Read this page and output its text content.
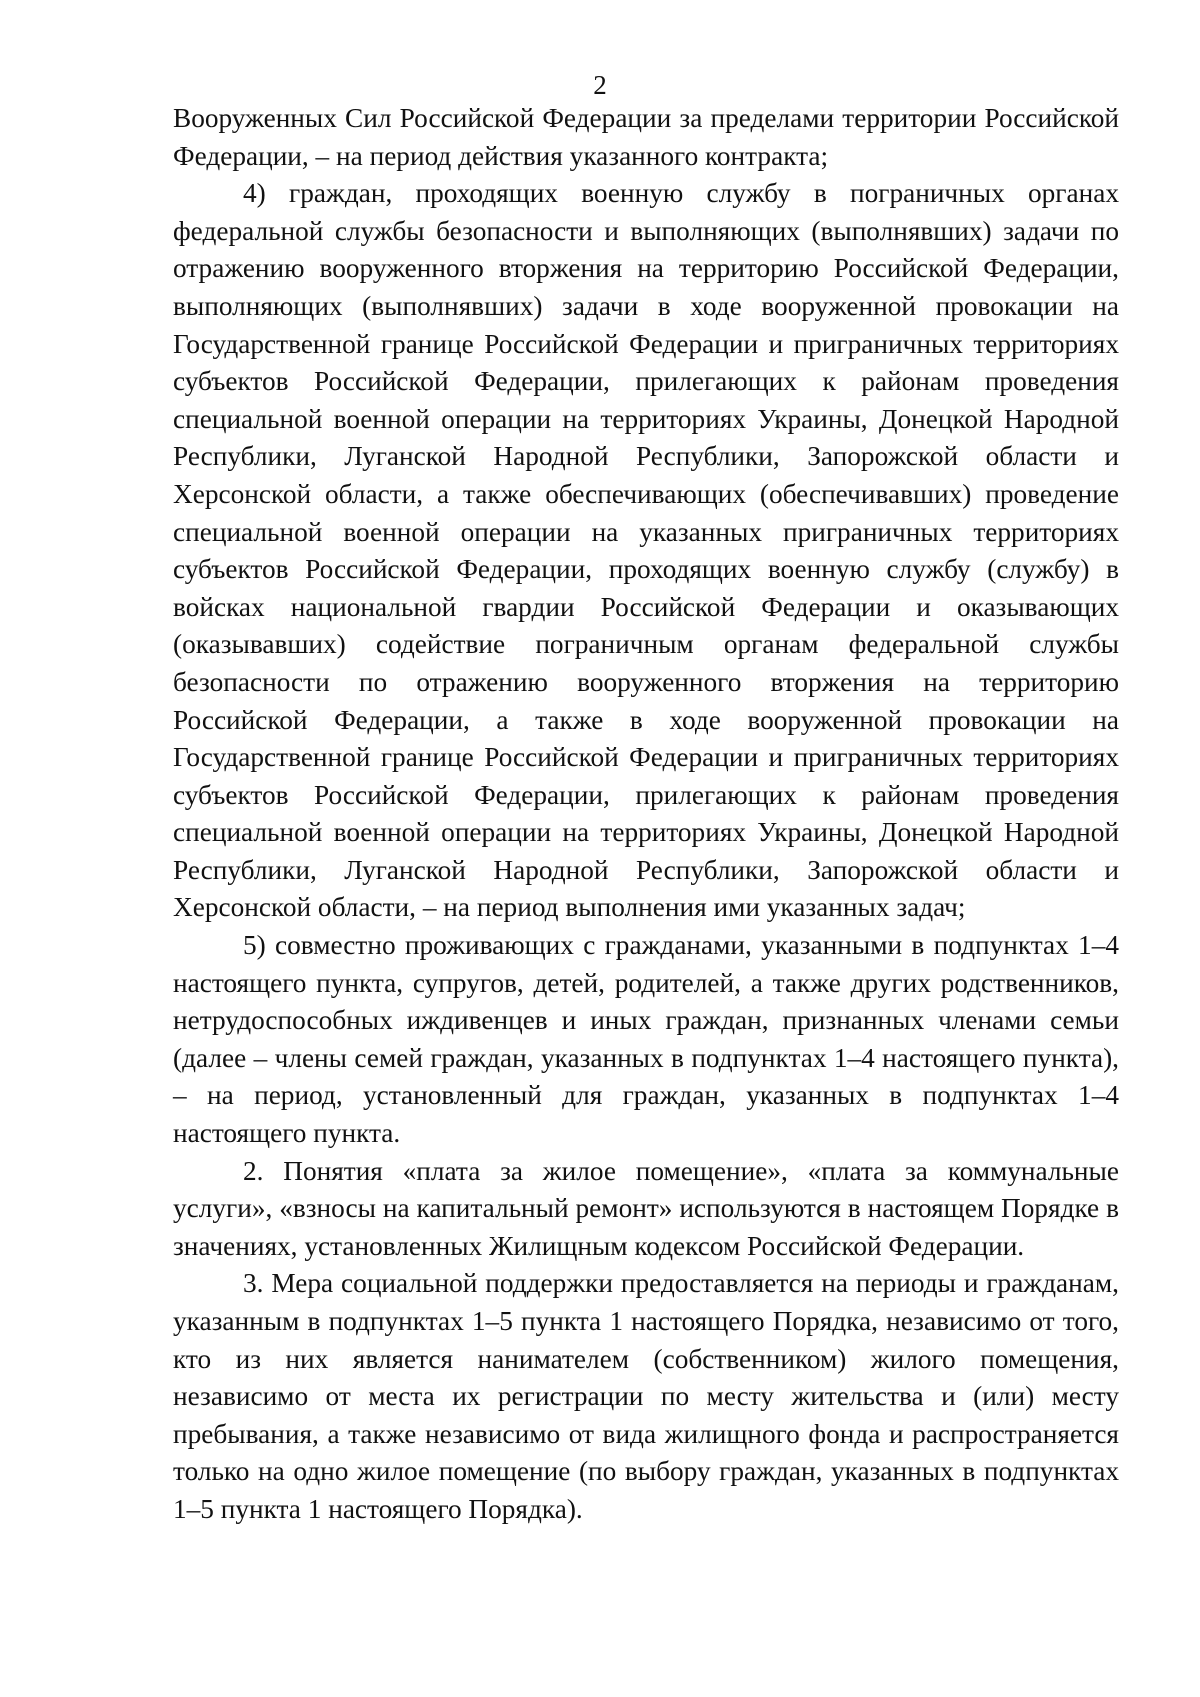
2

Вооруженных Сил Российской Федерации за пределами территории Российской Федерации, – на период действия указанного контракта;

4) граждан, проходящих военную службу в пограничных органах федеральной службы безопасности и выполняющих (выполнявших) задачи по отражению вооруженного вторжения на территорию Российской Федерации, выполняющих (выполнявших) задачи в ходе вооруженной провокации на Государственной границе Российской Федерации и приграничных территориях субъектов Российской Федерации, прилегающих к районам проведения специальной военной операции на территориях Украины, Донецкой Народной Республики, Луганской Народной Республики, Запорожской области и Херсонской области, а также обеспечивающих (обеспечивавших) проведение специальной военной операции на указанных приграничных территориях субъектов Российской Федерации, проходящих военную службу (службу) в войсках национальной гвардии Российской Федерации и оказывающих (оказывавших) содействие пограничным органам федеральной службы безопасности по отражению вооруженного вторжения на территорию Российской Федерации, а также в ходе вооруженной провокации на Государственной границе Российской Федерации и приграничных территориях субъектов Российской Федерации, прилегающих к районам проведения специальной военной операции на территориях Украины, Донецкой Народной Республики, Луганской Народной Республики, Запорожской области и Херсонской области, – на период выполнения ими указанных задач;

5) совместно проживающих с гражданами, указанными в подпунктах 1–4 настоящего пункта, супругов, детей, родителей, а также других родственников, нетрудоспособных иждивенцев и иных граждан, признанных членами семьи (далее – члены семей граждан, указанных в подпунктах 1–4 настоящего пункта), – на период, установленный для граждан, указанных в подпунктах 1–4 настоящего пункта.

2. Понятия «плата за жилое помещение», «плата за коммунальные услуги», «взносы на капитальный ремонт» используются в настоящем Порядке в значениях, установленных Жилищным кодексом Российской Федерации.

3. Мера социальной поддержки предоставляется на периоды и гражданам, указанным в подпунктах 1–5 пункта 1 настоящего Порядка, независимо от того, кто из них является нанимателем (собственником) жилого помещения, независимо от места их регистрации по месту жительства и (или) месту пребывания, а также независимо от вида жилищного фонда и распространяется только на одно жилое помещение (по выбору граждан, указанных в подпунктах 1–5 пункта 1 настоящего Порядка).
